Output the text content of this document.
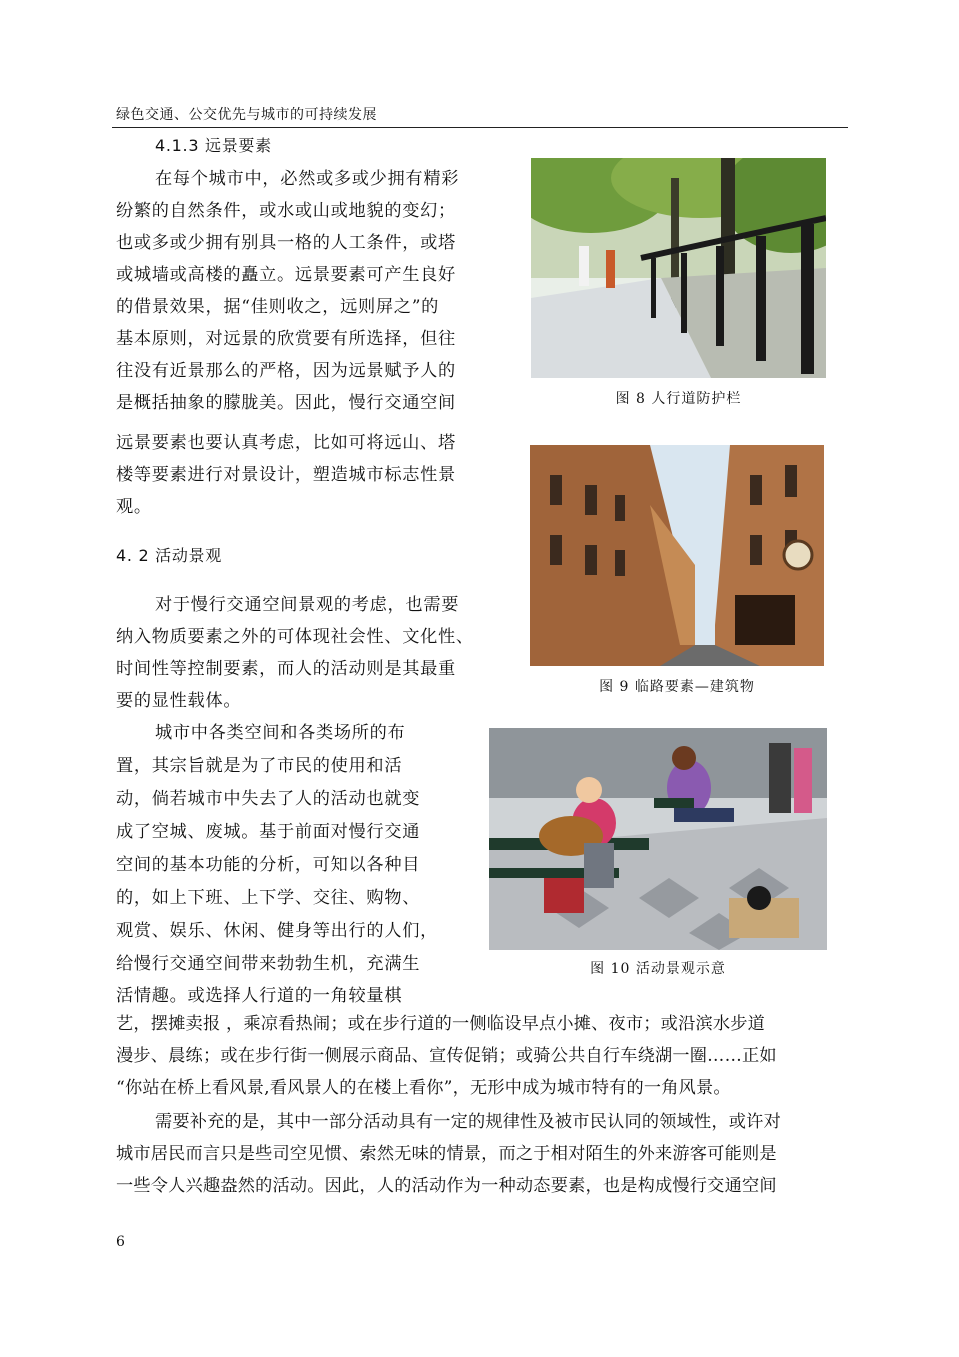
绿色交通、公交优先与城市的可持续发展
4.1.3 远景要素
在每个城市中，必然或多或少拥有精彩
纷繁的自然条件，或水或山或地貌的变幻；
也或多或少拥有别具一格的人工条件，或塔
或城墙或高楼的矗立。远景要素可产生良好
的借景效果，据“佳则收之，远则屏之”的
基本原则，对远景的欣赏要有所选择，但往
往没有近景那么的严格，因为远景赋予人的
是概括抽象的朦胧美。因此，慢行交通空间
远景要素也要认真考虑，比如可将远山、塔
楼等要素进行对景设计，塑造城市标志性景
观。
4. 2 活动景观
对于慢行交通空间景观的考虑，也需要
纳入物质要素之外的可体现社会性、文化性、
时间性等控制要素，而人的活动则是其最重
要的显性载体。
城市中各类空间和各类场所的布
置，其宗旨就是为了市民的使用和活
动，倘若城市中失去了人的活动也就变
成了空城、废城。基于前面对慢行交通
空间的基本功能的分析，可知以各种目
的，如上下班、上下学、交往、购物、
观赏、娱乐、休闲、健身等出行的人们，
给慢行交通空间带来勃勃生机，充满生
活情趣。或选择人行道的一角较量棋
艺，摆摊卖报 ，乘凉看热闹；或在步行道的一侧临设早点小摊、夜市；或沿滨水步道
漫步、晨练；或在步行街一侧展示商品、宣传促销；或骑公共自行车绕湖一圈……正如
“你站在桥上看风景,看风景人的在楼上看你”，无形中成为城市特有的一角风景。
需要补充的是，其中一部分活动具有一定的规律性及被市民认同的领域性，或许对
城市居民而言只是些司空见惯、索然无味的情景，而之于相对陌生的外来游客可能则是
一些令人兴趣盎然的活动。因此，人的活动作为一种动态要素，也是构成慢行交通空间
图 8 人行道防护栏
图 9 临路要素—建筑物
图 10 活动景观示意
6
